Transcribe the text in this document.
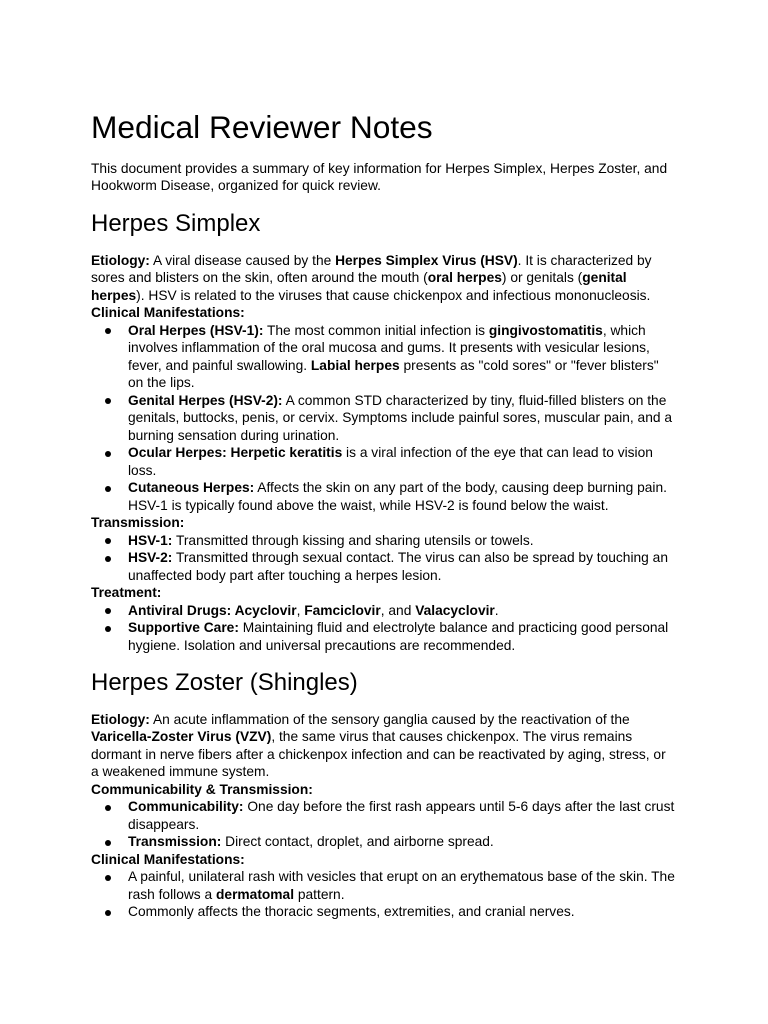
Medical Reviewer Notes

This document provides a summary of key information for Herpes Simplex, Herpes Zoster, and
Hookworm Disease, organized for quick review.

Herpes Simplex

Etiology: A viral disease caused by the Herpes Simplex Virus (HSV). It is characterized by
sores and blisters on the skin, often around the mouth (oral herpes) or genitals (genital
herpes). HSV is related to the viruses that cause chickenpox and infectious mononucleosis.

Clinical Manifestations:
Oral Herpes (HSV-1): The most common initial infection is gingivostomatitis, which
involves inflammation of the oral mucosa and gums. It presents with vesicular lesions,
fever, and painful swallowing. Labial herpes presents as "cold sores" or "fever blisters"
on the lips.
Genital Herpes (HSV-2): A common STD characterized by tiny, fluid-filled blisters on the
genitals, buttocks, penis, or cervix. Symptoms include painful sores, muscular pain, and a
burning sensation during urination.
Ocular Herpes: Herpetic keratitis is a viral infection of the eye that can lead to vision
loss.
Cutaneous Herpes: Affects the skin on any part of the body, causing deep burning pain.
HSV-1 is typically found above the waist, while HSV-2 is found below the waist.
Transmission:
HSV-1: Transmitted through kissing and sharing utensils or towels.
HSV-2: Transmitted through sexual contact. The virus can also be spread by touching an
unaffected body part after touching a herpes lesion.
Treatment:
Antiviral Drugs: Acyclovir, Famciclovir, and Valacyclovir.
Supportive Care: Maintaining fluid and electrolyte balance and practicing good personal
hygiene. Isolation and universal precautions are recommended.
Herpes Zoster (Shingles)

Etiology: An acute inflammation of the sensory ganglia caused by the reactivation of the
Varicella-Zoster Virus (VZV), the same virus that causes chickenpox. The virus remains
dormant in nerve fibers after a chickenpox infection and can be reactivated by aging, stress, or
a weakened immune system.

Communicability & Transmission:
Communicability: One day before the first rash appears until 5-6 days after the last crust
disappears.
Transmission: Direct contact, droplet, and airborne spread.
Clinical Manifestations:
A painful, unilateral rash with vesicles that erupt on an erythematous base of the skin. The
rash follows a dermatomal pattern.
Commonly affects the thoracic segments, extremities, and cranial nerves.
